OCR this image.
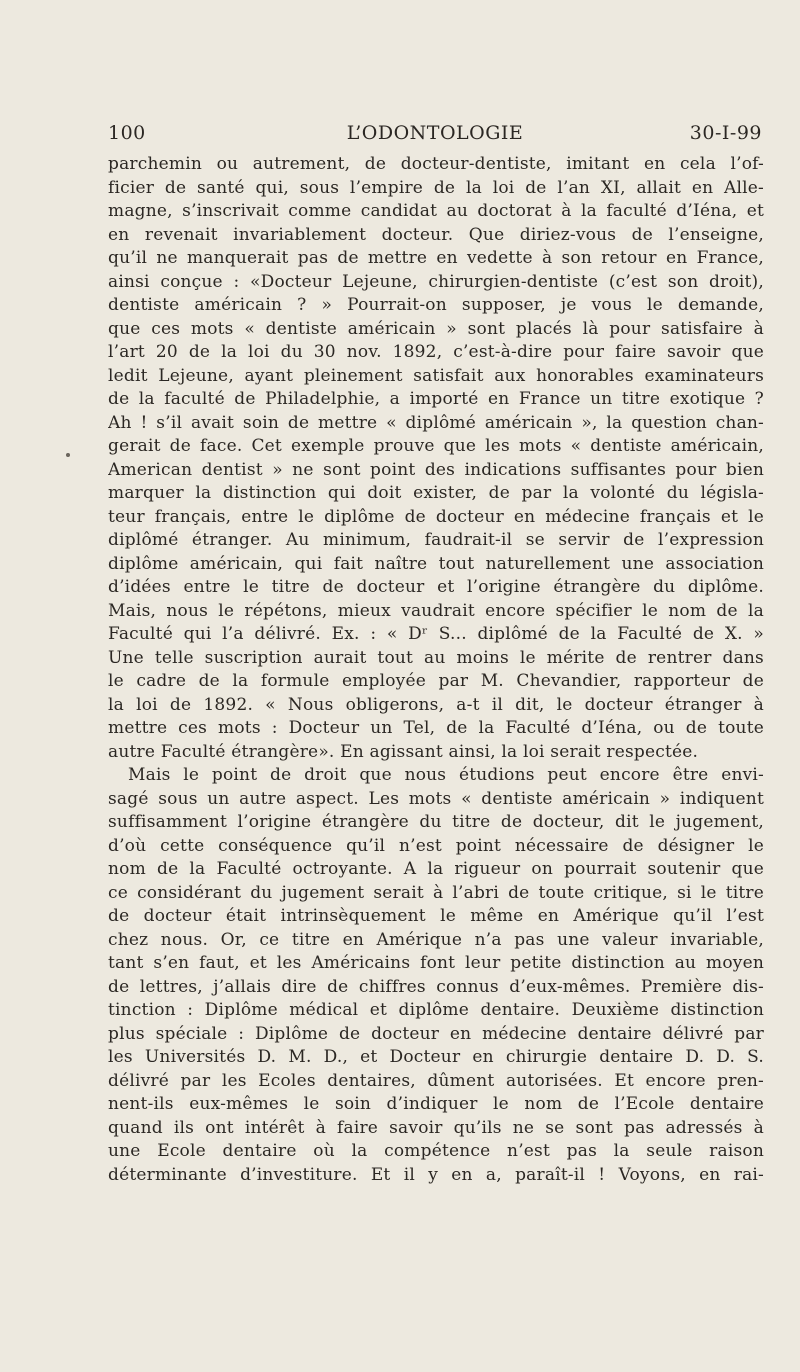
100	L’ODONTOLOGIE	30-I-99
parchemin ou autrement, de docteur-dentiste, imitant en cela l’of-
ficier de santé qui, sous l’empire de la loi de l’an XI, allait en Alle-
magne, s’inscrivait comme candidat au doctorat à la faculté d’Iéna, et
en revenait invariablement docteur. Que diriez-vous de l’enseigne,
qu’il ne manquerait pas de mettre en vedette à son retour en France,
ainsi conçue : «Docteur Lejeune, chirurgien-dentiste (c’est son droit),
dentiste américain ? » Pourrait-on supposer, je vous le demande,
que ces mots « dentiste américain » sont placés là pour satisfaire à
l’art 20 de la loi du 30 nov. 1892, c’est-à-dire pour faire savoir que
ledit Lejeune, ayant pleinement satisfait aux honorables examinateurs
de la faculté de Philadelphie, a importé en France un titre exotique ?
Ah ! s’il avait soin de mettre « diplômé américain », la question chan-
gerait de face. Cet exemple prouve que les mots « dentiste américain,
American dentist » ne sont point des indications suffisantes pour bien
marquer la distinction qui doit exister, de par la volonté du législa-
teur français, entre le diplôme de docteur en médecine français et le
diplômé étranger. Au minimum, faudrait-il se servir de l’expression
diplôme américain, qui fait naître tout naturellement une association
d’idées entre le titre de docteur et l’origine étrangère du diplôme.
Mais, nous le répétons, mieux vaudrait encore spécifier le nom de la
Faculté qui l’a délivré. Ex. : « Dʳ S... diplômé de la Faculté de X. »
Une telle suscription aurait tout au moins le mérite de rentrer dans
le cadre de la formule employée par M. Chevandier, rapporteur de
la loi de 1892. « Nous obligerons, a-t il dit, le docteur étranger à
mettre ces mots : Docteur un Tel, de la Faculté d’Iéna, ou de toute
autre Faculté étrangère». En agissant ainsi, la loi serait respectée.
Mais le point de droit que nous étudions peut encore être envi-
sagé sous un autre aspect. Les mots « dentiste américain » indiquent
suffisamment l’origine étrangère du titre de docteur, dit le jugement,
d’où cette conséquence qu’il n’est point nécessaire de désigner le
nom de la Faculté octroyante. A la rigueur on pourrait soutenir que
ce considérant du jugement serait à l’abri de toute critique, si le titre
de docteur était intrinsèquement le même en Amérique qu’il l’est
chez nous. Or, ce titre en Amérique n’a pas une valeur invariable,
tant s’en faut, et les Américains font leur petite distinction au moyen
de lettres, j’allais dire de chiffres connus d’eux-mêmes. Première dis-
tinction : Diplôme médical et diplôme dentaire. Deuxième distinction
plus spéciale : Diplôme de docteur en médecine dentaire délivré par
les Universités D. M. D., et Docteur en chirurgie dentaire D. D. S.
délivré par les Ecoles dentaires, dûment autorisées. Et encore pren-
nent-ils eux-mêmes le soin d’indiquer le nom de l’Ecole dentaire
quand ils ont intérêt à faire savoir qu’ils ne se sont pas adressés à
une Ecole dentaire où la compétence n’est pas la seule raison
déterminante d’investiture. Et il y en a, paraît-il ! Voyons, en rai-
